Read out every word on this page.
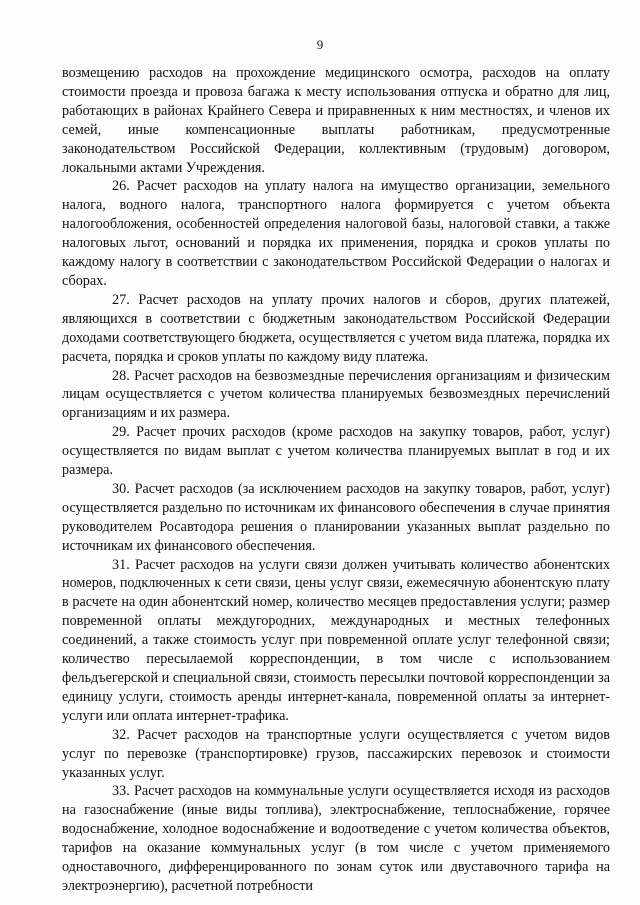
9

возмещению расходов на прохождение медицинского осмотра, расходов на оплату стоимости проезда и провоза багажа к месту использования отпуска и обратно для лиц, работающих в районах Крайнего Севера и приравненных к ним местностях, и членов их семей, иные компенсационные выплаты работникам, предусмотренные законодательством Российской Федерации, коллективным (трудовым) договором, локальными актами Учреждения.

26. Расчет расходов на уплату налога на имущество организации, земельного налога, водного налога, транспортного налога формируется с учетом объекта налогообложения, особенностей определения налоговой базы, налоговой ставки, а также налоговых льгот, оснований и порядка их применения, порядка и сроков уплаты по каждому налогу в соответствии с законодательством Российской Федерации о налогах и сборах.

27. Расчет расходов на уплату прочих налогов и сборов, других платежей, являющихся в соответствии с бюджетным законодательством Российской Федерации доходами соответствующего бюджета, осуществляется с учетом вида платежа, порядка их расчета, порядка и сроков уплаты по каждому виду платежа.

28. Расчет расходов на безвозмездные перечисления организациям и физическим лицам осуществляется с учетом количества планируемых безвозмездных перечислений организациям и их размера.

29. Расчет прочих расходов (кроме расходов на закупку товаров, работ, услуг) осуществляется по видам выплат с учетом количества планируемых выплат в год и их размера.

30. Расчет расходов (за исключением расходов на закупку товаров, работ, услуг) осуществляется раздельно по источникам их финансового обеспечения в случае принятия руководителем Росавтодора решения о планировании указанных выплат раздельно по источникам их финансового обеспечения.

31. Расчет расходов на услуги связи должен учитывать количество абонентских номеров, подключенных к сети связи, цены услуг связи, ежемесячную абонентскую плату в расчете на один абонентский номер, количество месяцев предоставления услуги; размер повременной оплаты междугородних, международных и местных телефонных соединений, а также стоимость услуг при повременной оплате услуг телефонной связи; количество пересылаемой корреспонденции, в том числе с использованием фельдъегерской и специальной связи, стоимость пересылки почтовой корреспонденции за единицу услуги, стоимость аренды интернет-канала, повременной оплаты за интернет-услуги или оплата интернет-трафика.

32. Расчет расходов на транспортные услуги осуществляется с учетом видов услуг по перевозке (транспортировке) грузов, пассажирских перевозок и стоимости указанных услуг.

33. Расчет расходов на коммунальные услуги осуществляется исходя из расходов на газоснабжение (иные виды топлива), электроснабжение, теплоснабжение, горячее водоснабжение, холодное водоснабжение и водоотведение с учетом количества объектов, тарифов на оказание коммунальных услуг (в том числе с учетом применяемого одноставочного, дифференцированного по зонам суток или двуставочного тарифа на электроэнергию), расчетной потребности
